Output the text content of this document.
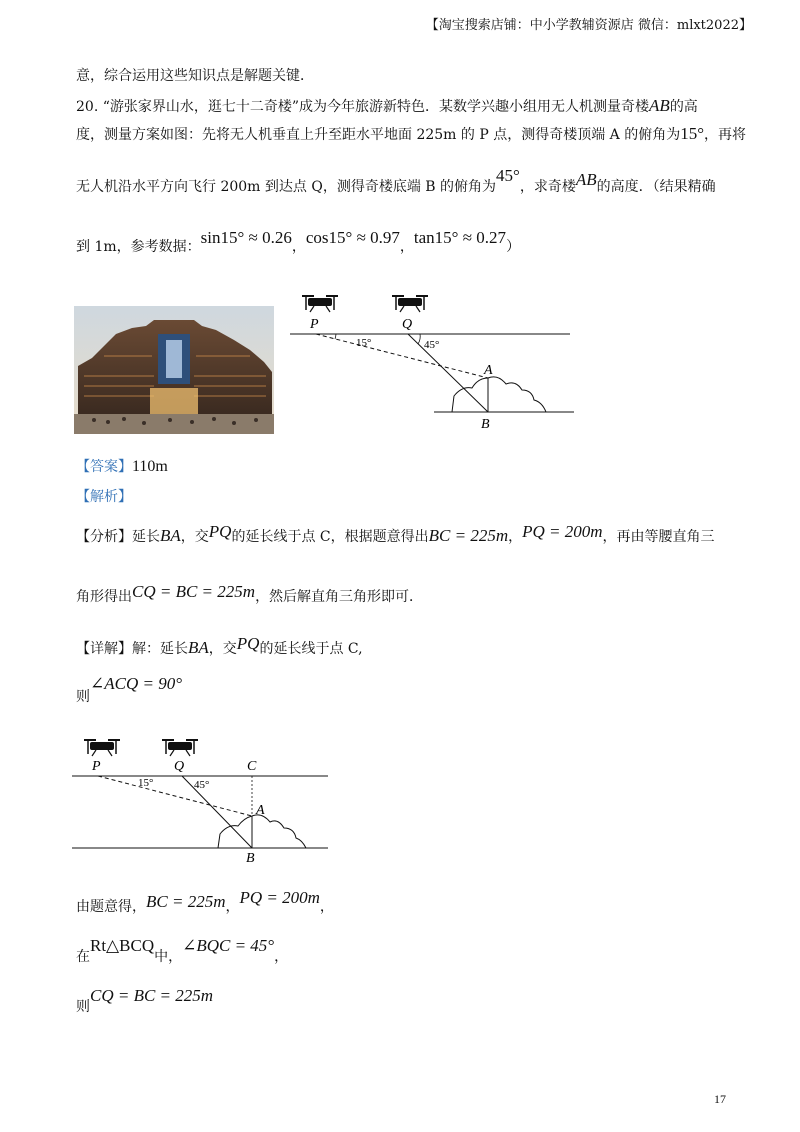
【淘宝搜索店铺：中小学教辅资源店 微信：mlxt2022】
意，综合运用这些知识点是解题关键．
20. “游张家界山水，逛七十二奇楼”成为今年旅游新特色．某数学兴趣小组用无人机测量奇楼AB的高
度，测量方案如图：先将无人机垂直上升至距水平地面 225m 的 P 点，测得奇楼顶端 A 的俯角为15°，再将
无人机沿水平方向飞行 200m 到达点 Q，测得奇楼底端 B 的俯角为45°，求奇楼AB的高度．（结果精确
到 1m，参考数据：sin15° ≈ 0.26，cos15° ≈ 0.97，tan15° ≈ 0.27）
P	Q
15°	45°
A
B
【答案】110m
【解析】
【分析】延长BA，交PQ的延长线于点 C，根据题意得出BC = 225m，PQ = 200m，再由等腰直角三
角形得出CQ = BC = 225m，然后解直角三角形即可．
【详解】解：延长BA，交PQ的延长线于点 C,
则∠ACQ = 90°
P	Q	C
15°	45°
A
B
由题意得，BC = 225m，PQ = 200m，
在Rt△BCQ中，∠BQC = 45°，
则CQ = BC = 225m
17
